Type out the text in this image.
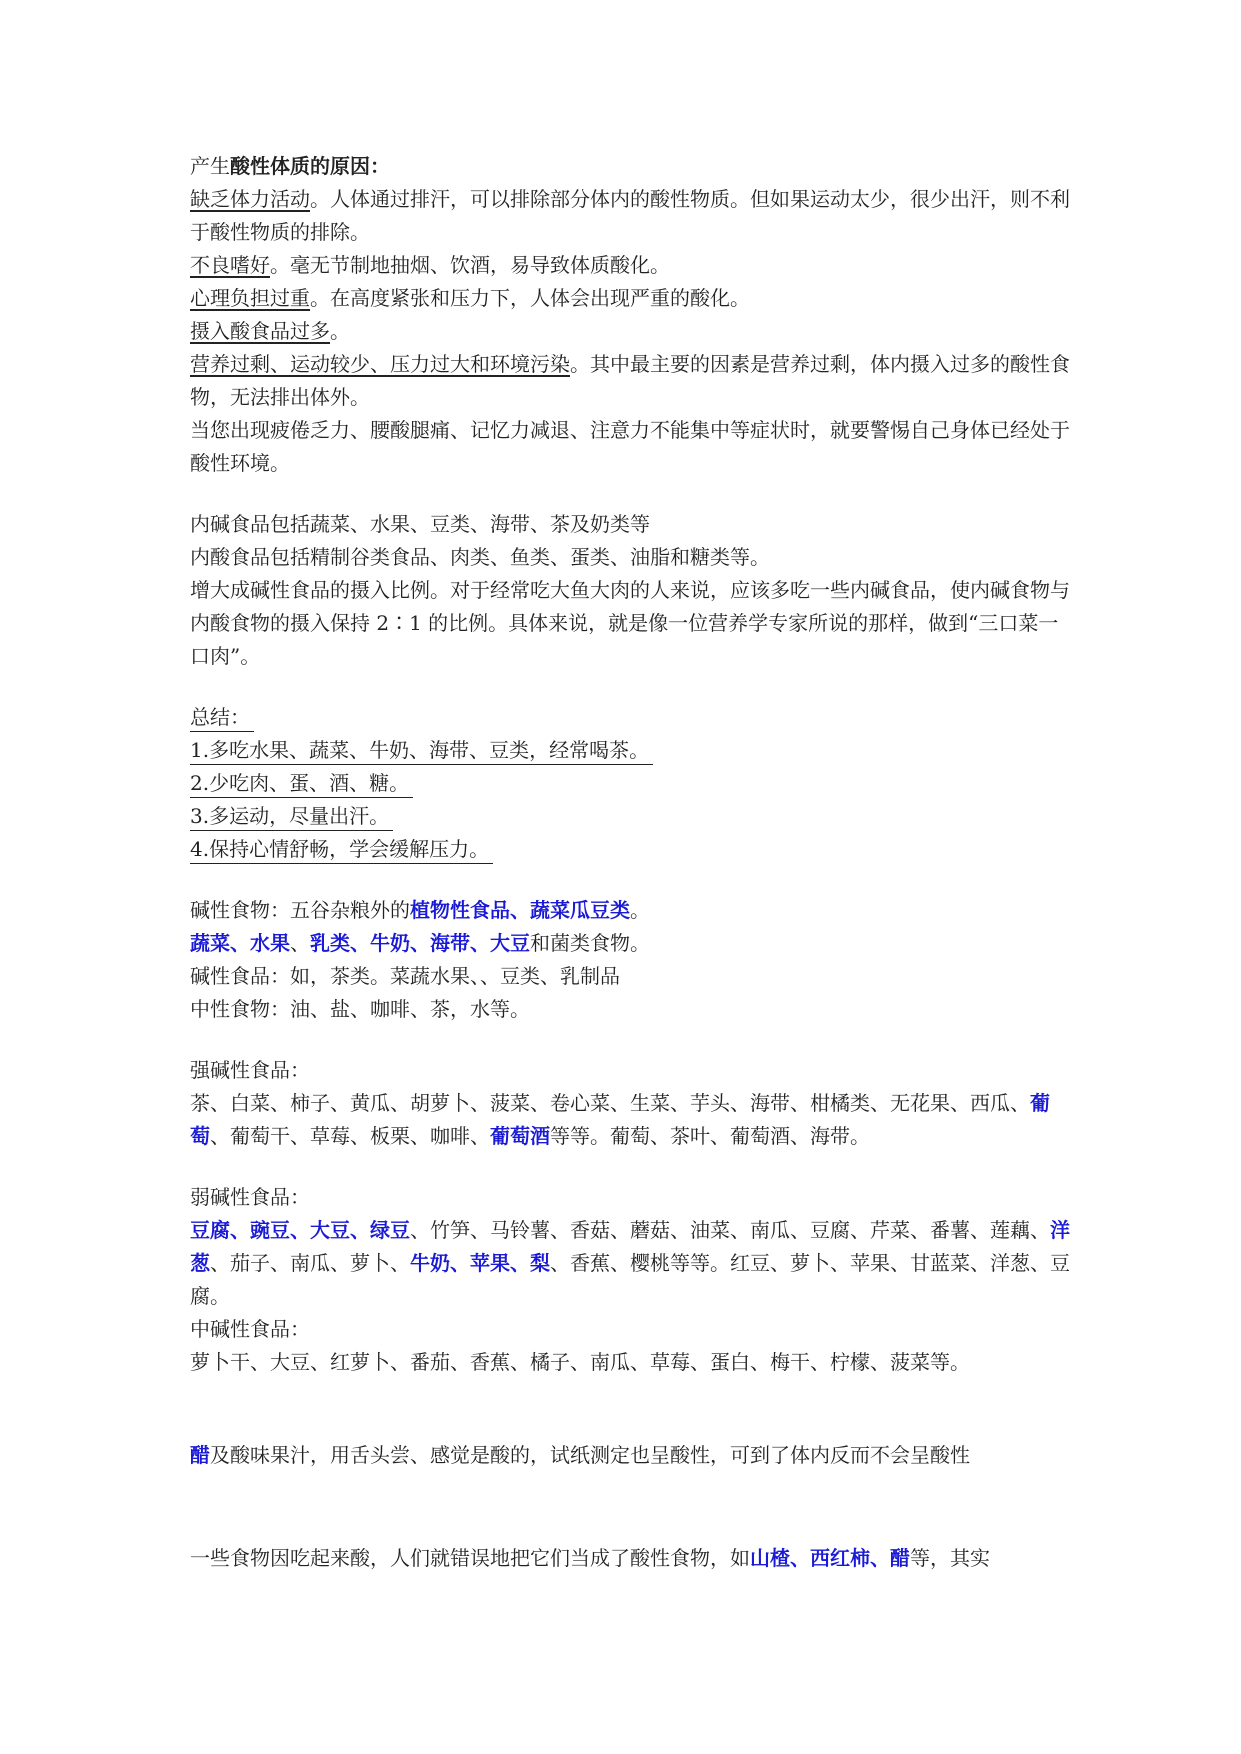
产生酸性体质的原因：

缺乏体力活动。人体通过排汗，可以排除部分体内的酸性物质。但如果运动太少，很少出汗，则不利于酸性物质的排除。

不良嗜好。毫无节制地抽烟、饮酒，易导致体质酸化。

心理负担过重。在高度紧张和压力下，人体会出现严重的酸化。

摄入酸食品过多。

营养过剩、运动较少、压力过大和环境污染。其中最主要的因素是营养过剩，体内摄入过多的酸性食物，无法排出体外。

当您出现疲倦乏力、腰酸腿痛、记忆力减退、注意力不能集中等症状时，就要警惕自己身体已经处于酸性环境。

内碱食品包括蔬菜、水果、豆类、海带、茶及奶类等

内酸食品包括精制谷类食品、肉类、鱼类、蛋类、油脂和糖类等。

增大成碱性食品的摄入比例。对于经常吃大鱼大肉的人来说，应该多吃一些内碱食品，使内碱食物与内酸食物的摄入保持 2∶1 的比例。具体来说，就是像一位营养学专家所说的那样，做到“三口菜一口肉”。

总结：

1.多吃水果、蔬菜、牛奶、海带、豆类，经常喝茶。

2.少吃肉、蛋、酒、糖。

3.多运动，尽量出汗。

4.保持心情舒畅，学会缓解压力。

碱性食物：五谷杂粮外的植物性食品、蔬菜瓜豆类。

蔬菜、水果、乳类、牛奶、海带、大豆和菌类食物。

碱性食品：如，茶类。菜蔬水果、、豆类、乳制品

中性食物：油、盐、咖啡、茶，水等。

强碱性食品：

茶、白菜、柿子、黄瓜、胡萝卜、菠菜、卷心菜、生菜、芋头、海带、柑橘类、无花果、西瓜、葡萄、葡萄干、草莓、板栗、咖啡、葡萄酒等等。葡萄、茶叶、葡萄酒、海带。

弱碱性食品：

豆腐、豌豆、大豆、绿豆、竹笋、马铃薯、香菇、蘑菇、油菜、南瓜、豆腐、芹菜、番薯、莲藕、洋葱、茄子、南瓜、萝卜、牛奶、苹果、梨、香蕉、樱桃等等。红豆、萝卜、苹果、甘蓝菜、洋葱、豆腐。

中碱性食品：

萝卜干、大豆、红萝卜、番茄、香蕉、橘子、南瓜、草莓、蛋白、梅干、柠檬、菠菜等。

醋及酸味果汁，用舌头尝、感觉是酸的，试纸测定也呈酸性，可到了体内反而不会呈酸性

一些食物因吃起来酸，人们就错误地把它们当成了酸性食物，如山楂、西红柿、醋等，其实
